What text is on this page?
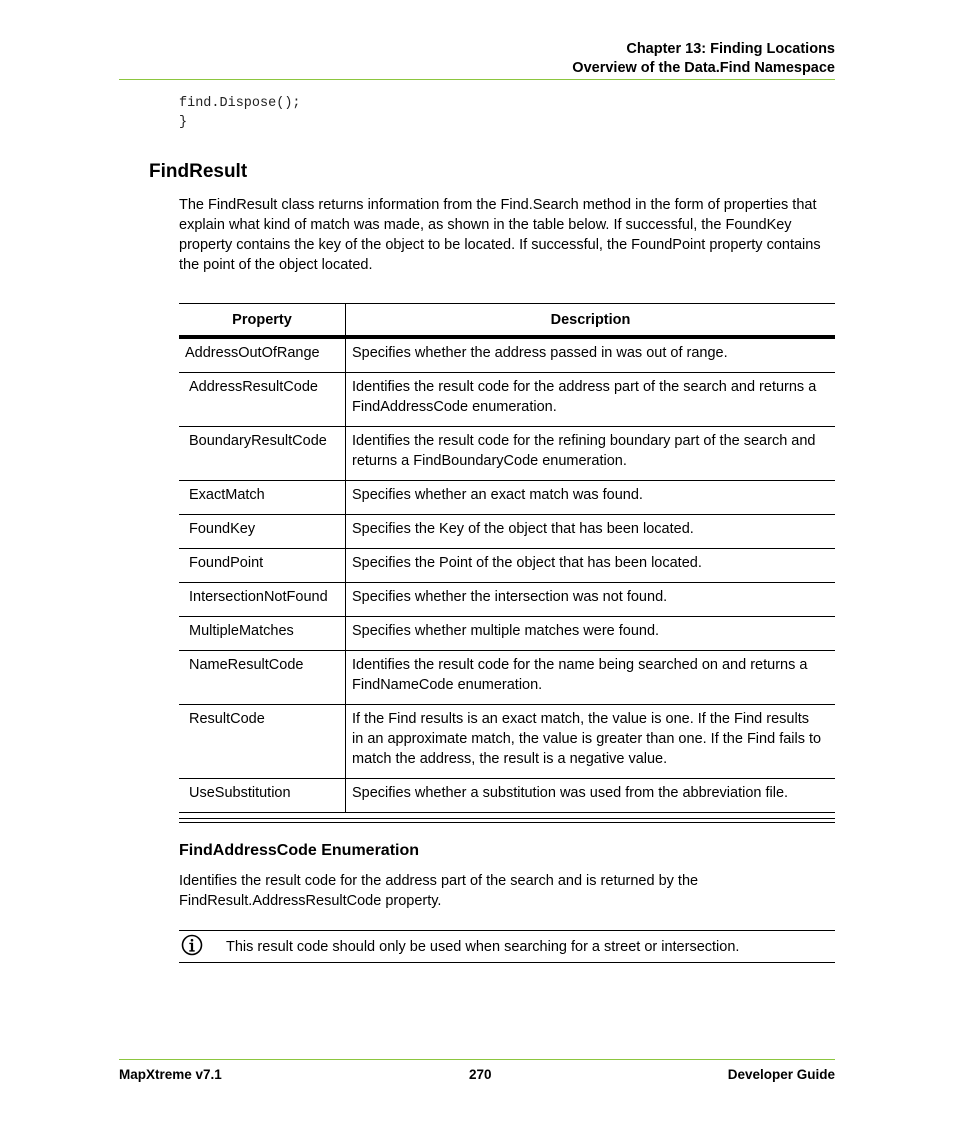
Chapter 13: Finding Locations
Overview of the Data.Find Namespace
find.Dispose();
}
FindResult
The FindResult class returns information from the Find.Search method in the form of properties that
explain what kind of match was made, as shown in the table below. If successful, the FoundKey
property contains the key of the object to be located. If successful, the FoundPoint property contains
the point of the object located.
Property	Description
AddressOutOfRange	Specifies whether the address passed in was out of range.

AddressResultCode	Identifies the result code for the address part of the search and returns a
FindAddressCode enumeration.

BoundaryResultCode	Identifies the result code for the refining boundary part of the search and
returns a FindBoundaryCode enumeration.

ExactMatch	Specifies whether an exact match was found.

FoundKey	Specifies the Key of the object that has been located.

FoundPoint	Specifies the Point of the object that has been located.

IntersectionNotFound	Specifies whether the intersection was not found.

MultipleMatches	Specifies whether multiple matches were found.

NameResultCode	Identifies the result code for the name being searched on and returns a
FindNameCode enumeration.

ResultCode	If the Find results is an exact match, the value is one. If the Find results
in an approximate match, the value is greater than one. If the Find fails to
match the address, the result is a negative value.

UseSubstitution	Specifies whether a substitution was used from the abbreviation file.
FindAddressCode Enumeration
Identifies the result code for the address part of the search and is returned by the
FindResult.AddressResultCode property.
This result code should only be used when searching for a street or intersection.
MapXtreme v7.1	270	Developer Guide
